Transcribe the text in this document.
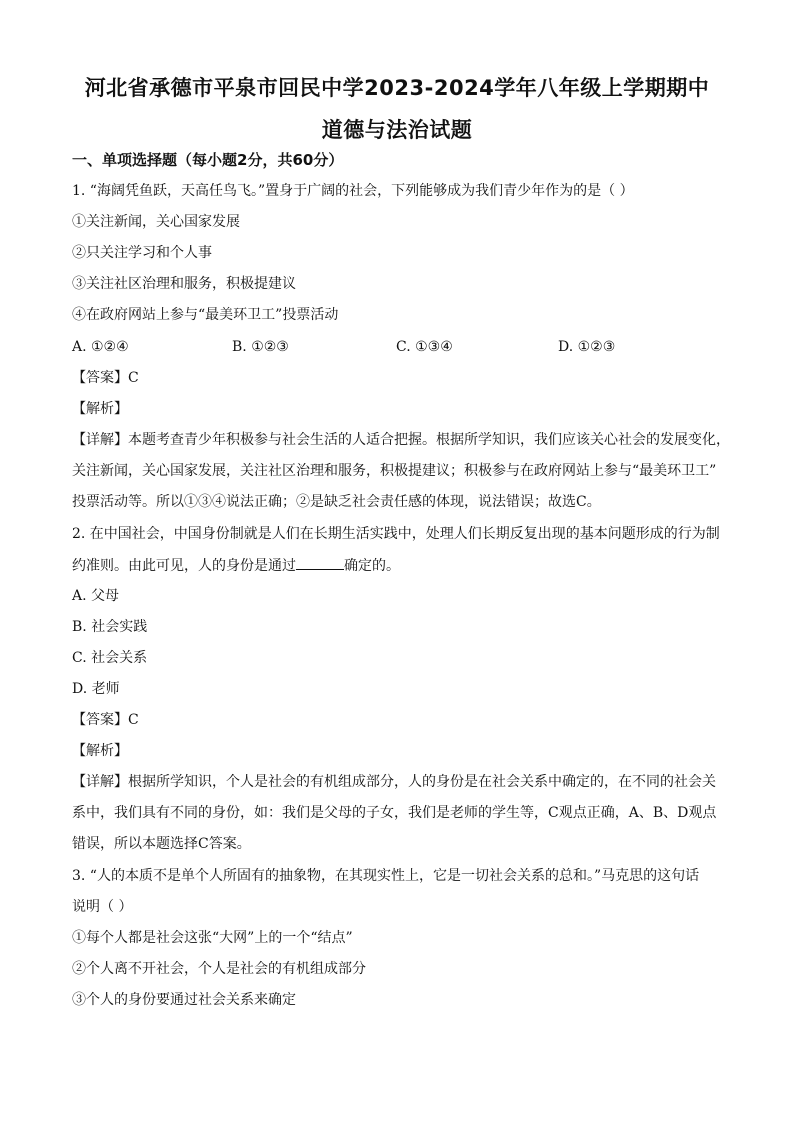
河北省承德市平泉市回民中学2023-2024学年八年级上学期期中
道德与法治试题
一、单项选择题（每小题2分，共60分）
1. “海阔凭鱼跃，天高任鸟飞。”置身于广阔的社会，下列能够成为我们青少年作为的是（ ）
①关注新闻，关心国家发展
②只关注学习和个人事
③关注社区治理和服务，积极提建议
④在政府网站上参与“最美环卫工”投票活动
A. ①②④	B. ①②③	C. ①③④	D. ①②③
【答案】C
【解析】
【详解】本题考查青少年积极参与社会生活的人适合把握。根据所学知识，我们应该关心社会的发展变化，
关注新闻，关心国家发展，关注社区治理和服务，积极提建议；积极参与在政府网站上参与“最美环卫工”
投票活动等。所以①③④说法正确；②是缺乏社会责任感的体现，说法错误；故选C。
2. 在中国社会，中国身份制就是人们在长期生活实践中，处理人们长期反复出现的基本问题形成的行为制
约准则。由此可见，人的身份是通过	确定的。
A. 父母
B. 社会实践
C. 社会关系
D. 老师
【答案】C
【解析】
【详解】根据所学知识，个人是社会的有机组成部分，人的身份是在社会关系中确定的，在不同的社会关
系中，我们具有不同的身份，如：我们是父母的子女，我们是老师的学生等，C观点正确，A、B、D观点
错误，所以本题选择C答案。
3. “人的本质不是单个人所固有的抽象物，在其现实性上，它是一切社会关系的总和。”马克思的这句话
说明（ ）
①每个人都是社会这张“大网”上的一个“结点”
②个人离不开社会，个人是社会的有机组成部分
③个人的身份要通过社会关系来确定
